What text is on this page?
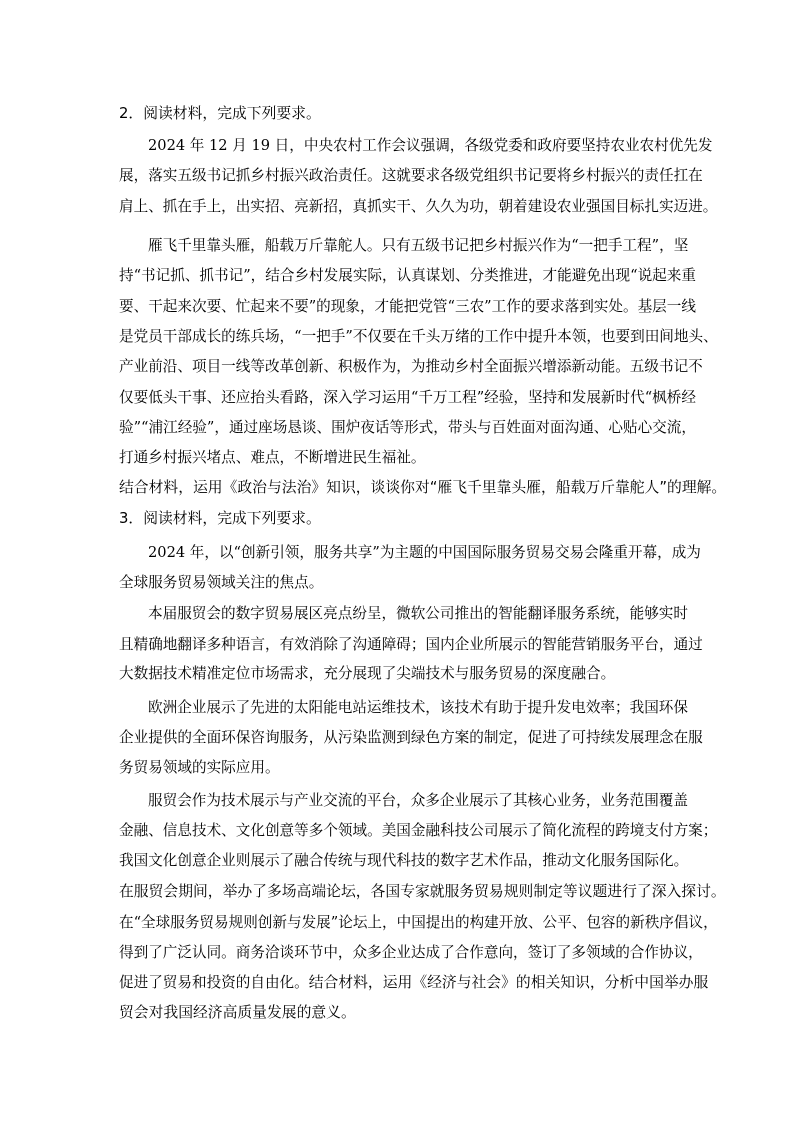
2．阅读材料，完成下列要求。
2024 年 12 月 19 日，中央农村工作会议强调，各级党委和政府要坚持农业农村优先发
展，落实五级书记抓乡村振兴政治责任。这就要求各级党组织书记要将乡村振兴的责任扛在
肩上、抓在手上，出实招、亮新招，真抓实干、久久为功，朝着建设农业强国目标扎实迈进。
雁飞千里靠头雁，船载万斤靠舵人。只有五级书记把乡村振兴作为“一把手工程”，坚
持“书记抓、抓书记”，结合乡村发展实际，认真谋划、分类推进，才能避免出现“说起来重
要、干起来次要、忙起来不要”的现象，才能把党管“三农”工作的要求落到实处。基层一线
是党员干部成长的练兵场，“一把手”不仅要在千头万绪的工作中提升本领，也要到田间地头、
产业前沿、项目一线等改革创新、积极作为，为推动乡村全面振兴增添新动能。五级书记不
仅要低头干事、还应抬头看路，深入学习运用“千万工程”经验，坚持和发展新时代“枫桥经
验”“浦江经验”，通过座场恳谈、围炉夜话等形式，带头与百姓面对面沟通、心贴心交流，
打通乡村振兴堵点、难点，不断增进民生福祉。
结合材料，运用《政治与法治》知识，谈谈你对“雁飞千里靠头雁，船载万斤靠舵人”的理解。
3．阅读材料，完成下列要求。
2024 年，以“创新引领，服务共享”为主题的中国国际服务贸易交易会隆重开幕，成为
全球服务贸易领域关注的焦点。
本届服贸会的数字贸易展区亮点纷呈，微软公司推出的智能翻译服务系统，能够实时
且精确地翻译多种语言，有效消除了沟通障碍；国内企业所展示的智能营销服务平台，通过
大数据技术精准定位市场需求，充分展现了尖端技术与服务贸易的深度融合。
欧洲企业展示了先进的太阳能电站运维技术，该技术有助于提升发电效率；我国环保
企业提供的全面环保咨询服务，从污染监测到绿色方案的制定，促进了可持续发展理念在服
务贸易领域的实际应用。
服贸会作为技术展示与产业交流的平台，众多企业展示了其核心业务，业务范围覆盖
金融、信息技术、文化创意等多个领域。美国金融科技公司展示了简化流程的跨境支付方案；
我国文化创意企业则展示了融合传统与现代科技的数字艺术作品，推动文化服务国际化。
在服贸会期间，举办了多场高端论坛，各国专家就服务贸易规则制定等议题进行了深入探讨。
在“全球服务贸易规则创新与发展”论坛上，中国提出的构建开放、公平、包容的新秩序倡议，
得到了广泛认同。商务洽谈环节中，众多企业达成了合作意向，签订了多领域的合作协议，
促进了贸易和投资的自由化。结合材料，运用《经济与社会》的相关知识，分析中国举办服
贸会对我国经济高质量发展的意义。
